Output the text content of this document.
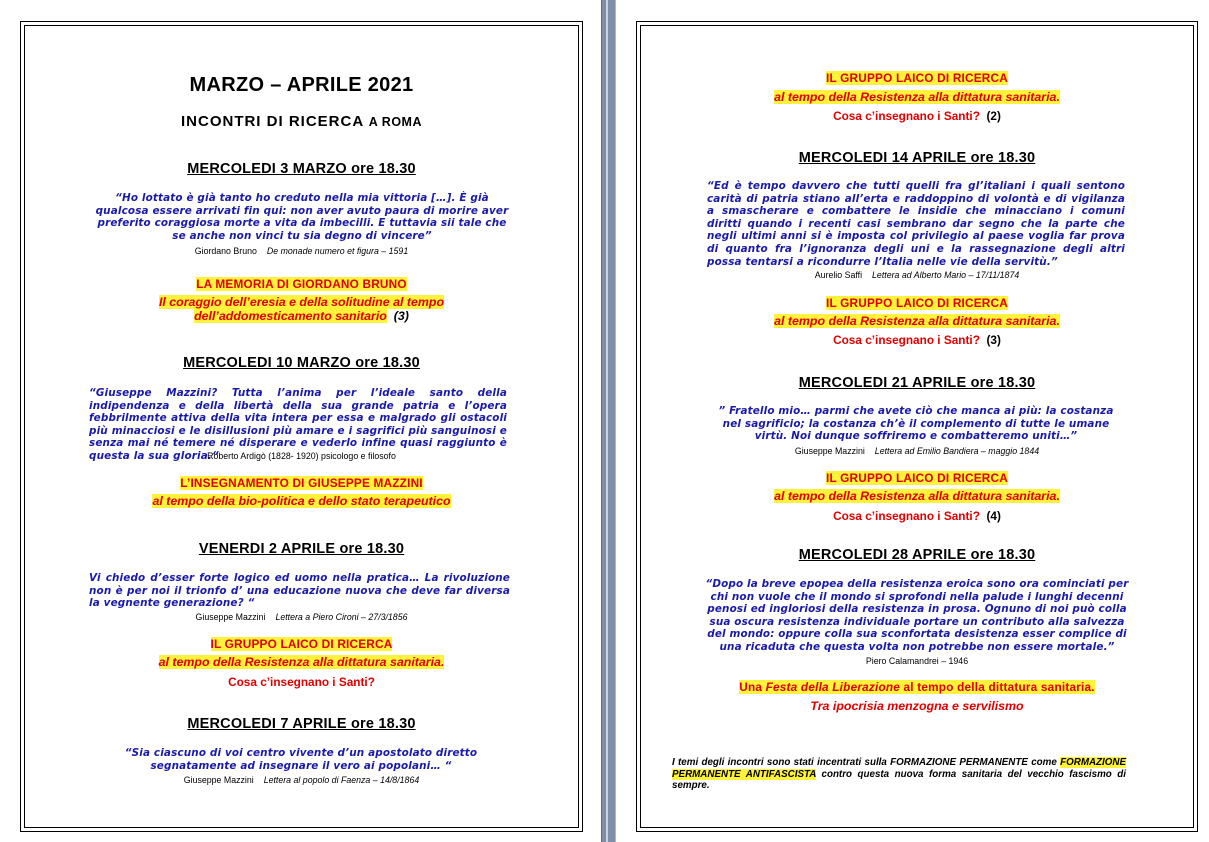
MARZO – APRILE 2021
INCONTRI DI RICERCA A ROMA
MERCOLEDI 3 MARZO ore 18.30
“Ho lottato è già tanto ho creduto nella mia vittoria […]. È già qualcosa essere arrivati fin qui: non aver avuto paura di morire aver preferito coraggiosa morte a vita da imbecilli. E tuttavia sii tale che se anche non vinci tu sia degno di vincere”
Giordano Bruno De monade numero et figura – 1591
LA MEMORIA DI GIORDANO BRUNO
Il coraggio dell’eresia e della solitudine al tempo
dell’addomesticamento sanitario (3)
MERCOLEDI 10 MARZO ore 18.30
“Giuseppe Mazzini? Tutta l’anima per l’ideale santo della indipendenza e della libertà della sua grande patria e l’opera febbrilmente attiva della vita intera per essa e malgrado gli ostacoli più minacciosi e le disillusioni più amare e i sagrifici più sanguinosi e senza mai né temere né disperare e vederlo infine quasi raggiunto è questa la sua gloria.“
Roberto Ardigò (1828- 1920) psicologo e filosofo
L’INSEGNAMENTO DI GIUSEPPE MAZZINI
al tempo della bio-politica e dello stato terapeutico
VENERDI 2 APRILE ore 18.30
Vi chiedo d’esser forte logico ed uomo nella pratica… La rivoluzione non è per noi il trionfo d’ una educazione nuova che deve far diversa la vegnente generazione? “
Giuseppe Mazzini Lettera a Piero Cironi – 27/3/1856
IL GRUPPO LAICO DI RICERCA
al tempo della Resistenza alla dittatura sanitaria.
Cosa c’insegnano i Santi?
MERCOLEDI 7 APRILE ore 18.30
“Sia ciascuno di voi centro vivente d’un apostolato diretto segnatamente ad insegnare il vero ai popolani… “
Giuseppe Mazzini Lettera al popolo di Faenza – 14/8/1864
IL GRUPPO LAICO DI RICERCA
al tempo della Resistenza alla dittatura sanitaria.
Cosa c’insegnano i Santi? (2)
MERCOLEDI 14 APRILE ore 18.30
“Ed è tempo davvero che tutti quelli fra gl’italiani i quali sentono carità di patria stiano all’erta e raddoppino di volontà e di vigilanza a smascherare e combattere le insidie che minacciano i comuni diritti quando i recenti casi sembrano dar segno che la parte che negli ultimi anni si è imposta col privilegio al paese voglia far prova di quanto fra l’ignoranza degli uni e la rassegnazione degli altri possa tentarsi a ricondurre l’Italia nelle vie della servitù.”
Aurelio Saffi Lettera ad Alberto Mario – 17/11/1874
IL GRUPPO LAICO DI RICERCA
al tempo della Resistenza alla dittatura sanitaria.
Cosa c’insegnano i Santi? (3)
MERCOLEDI 21 APRILE ore 18.30
” Fratello mio… parmi che avete ciò che manca ai più: la costanza nel sagrificio; la costanza ch’è il complemento di tutte le umane virtù. Noi dunque soffriremo e combatteremo uniti…”
Giuseppe Mazzini Lettera ad Emilio Bandiera – maggio 1844
IL GRUPPO LAICO DI RICERCA
al tempo della Resistenza alla dittatura sanitaria.
Cosa c’insegnano i Santi? (4)
MERCOLEDI 28 APRILE ore 18.30
“Dopo la breve epopea della resistenza eroica sono ora cominciati per chi non vuole che il mondo si sprofondi nella palude i lunghi decenni penosi ed ingloriosi della resistenza in prosa. Ognuno di noi può colla sua oscura resistenza individuale portare un contributo alla salvezza del mondo: oppure colla sua sconfortata desistenza esser complice di una ricaduta che questa volta non potrebbe non essere mortale.”
Piero Calamandrei – 1946
Una Festa della Liberazione al tempo della dittatura sanitaria.
Tra ipocrisia menzogna e servilismo
I temi degli incontri sono stati incentrati sulla FORMAZIONE PERMANENTE come FORMAZIONE PERMANENTE ANTIFASCISTA contro questa nuova forma sanitaria del vecchio fascismo di sempre.
